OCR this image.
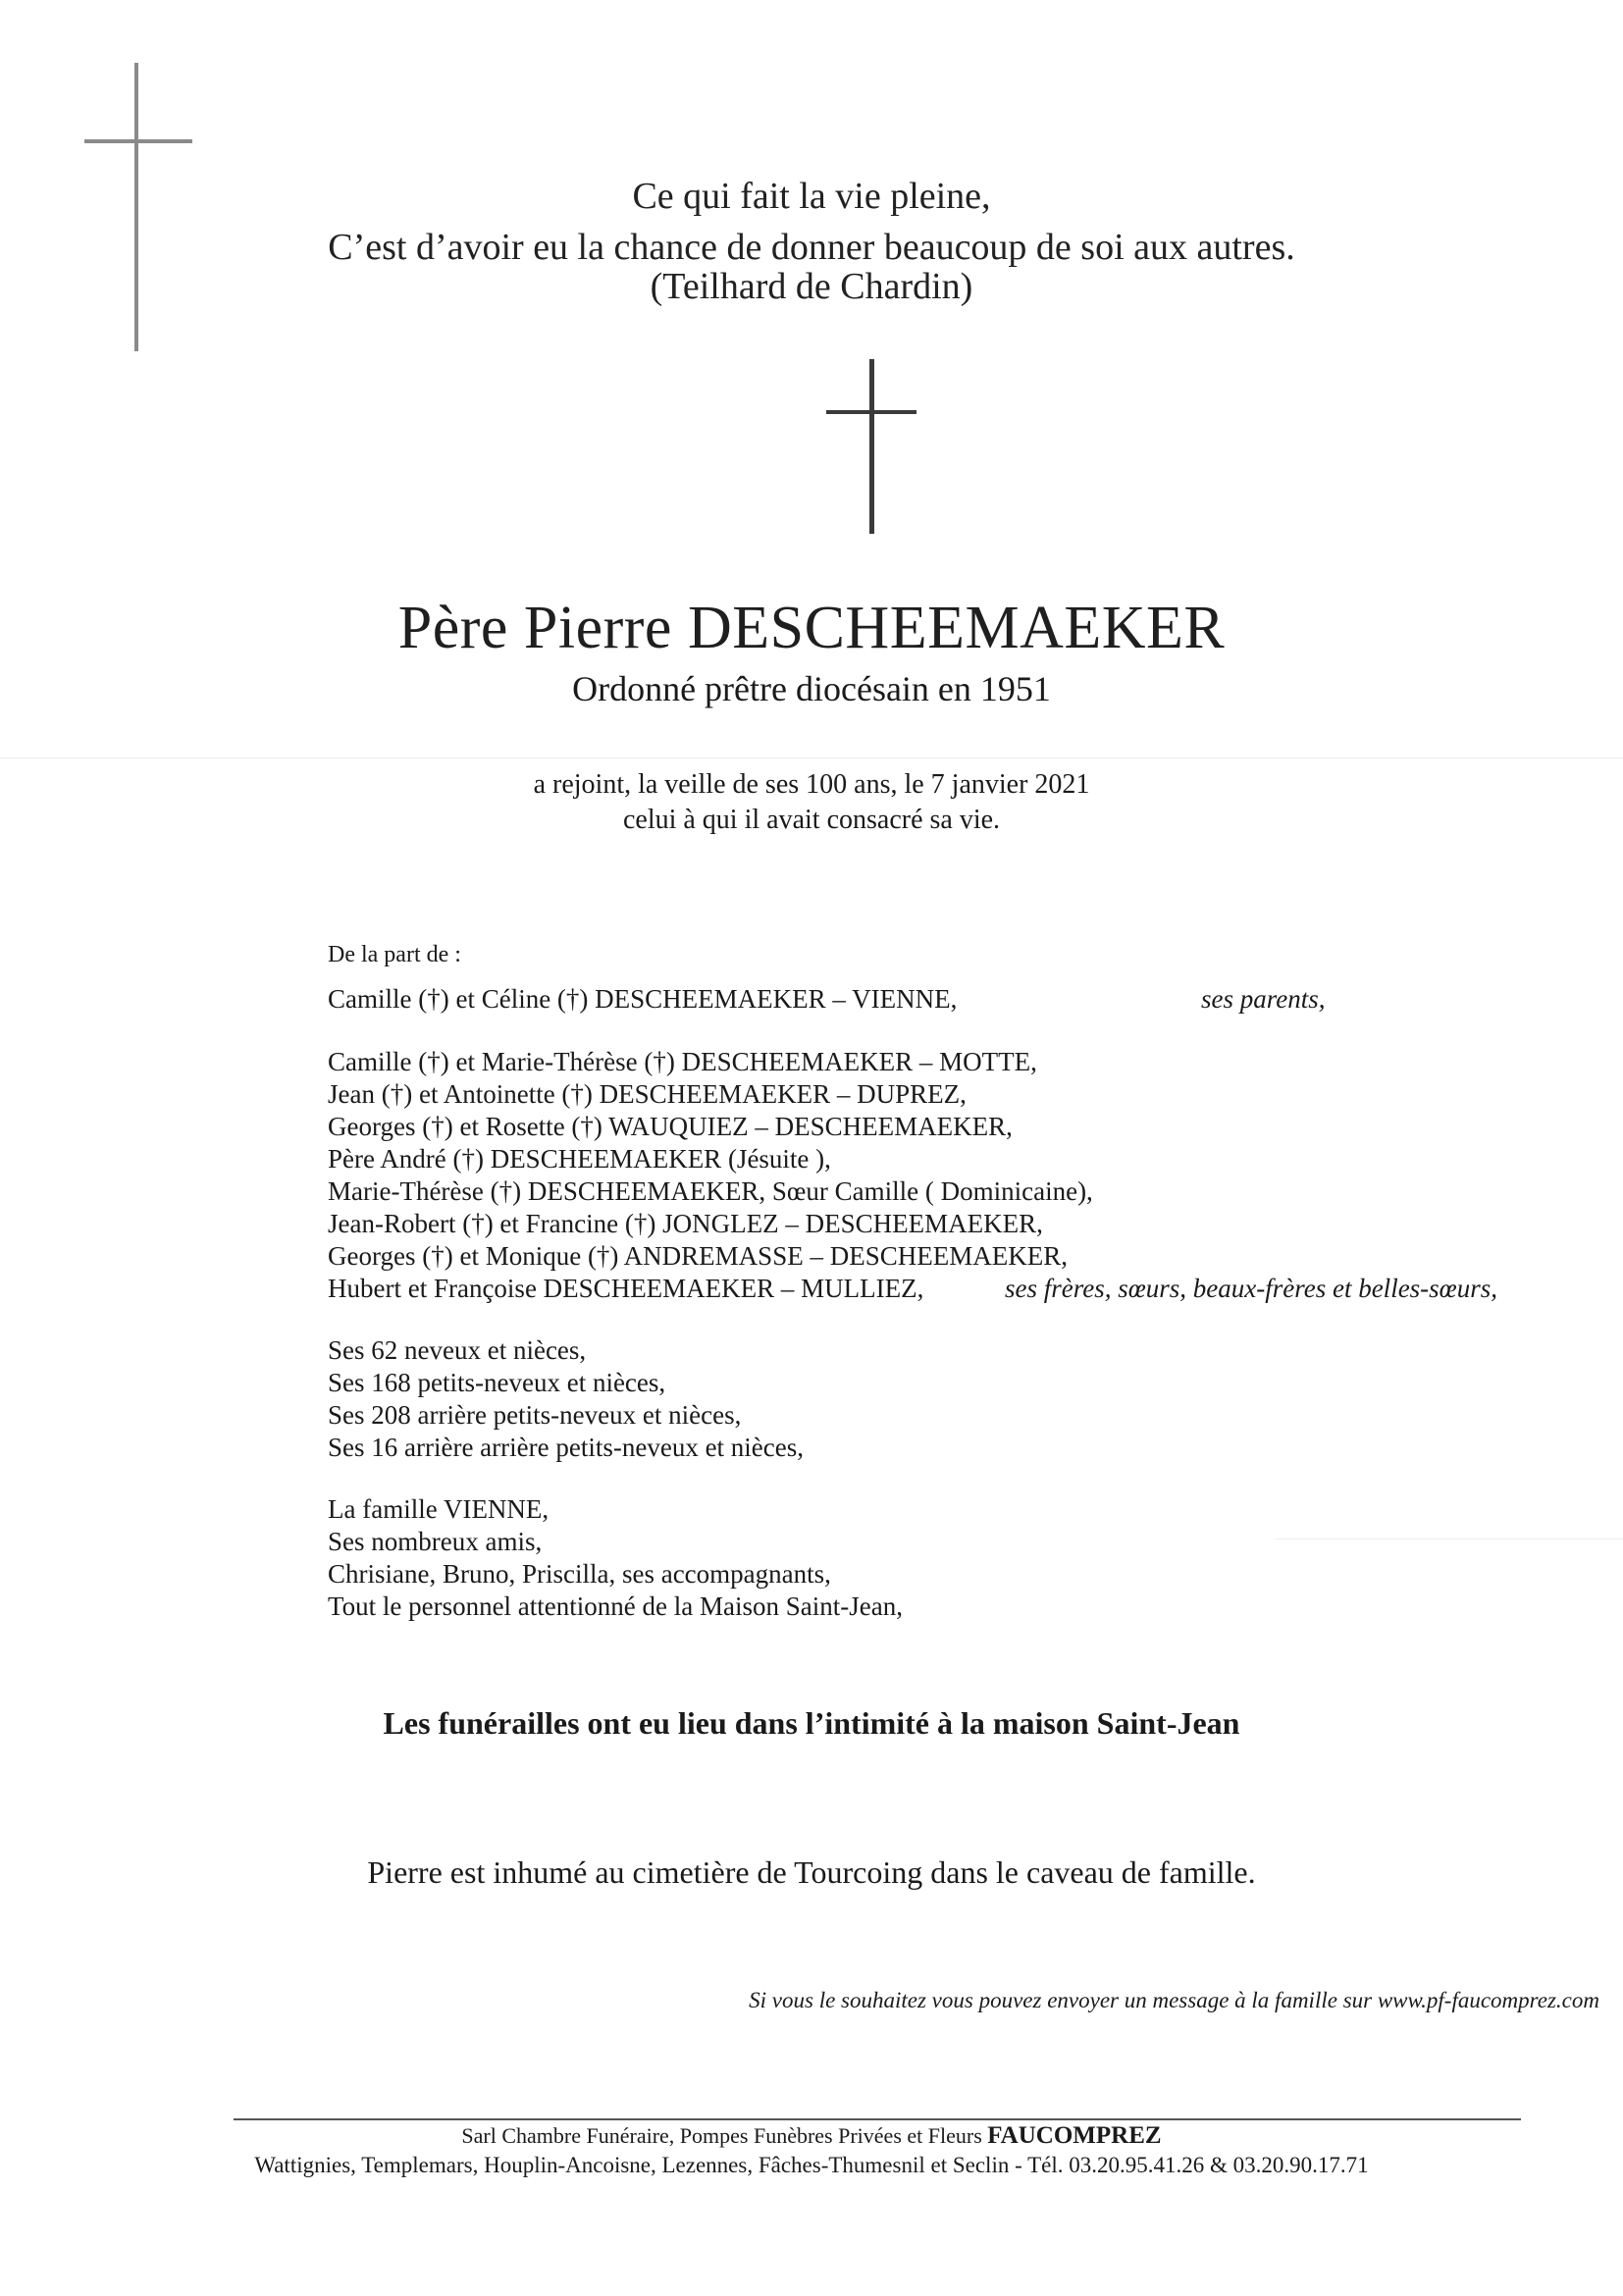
Ce qui fait la vie pleine,
C’est d’avoir eu la chance de donner beaucoup de soi aux autres.
(Teilhard de Chardin)
Père Pierre DESCHEEMAEKER
Ordonné prêtre diocésain en 1951
a rejoint, la veille de ses 100 ans, le 7 janvier 2021
celui à qui il avait consacré sa vie.
De la part de :
Camille (†) et Céline (†) DESCHEEMAEKER – VIENNE,	ses parents,
Camille (†) et Marie-Thérèse (†) DESCHEEMAEKER – MOTTE,
Jean (†) et Antoinette (†) DESCHEEMAEKER – DUPREZ,
Georges (†) et Rosette (†) WAUQUIEZ – DESCHEEMAEKER,
Père André (†) DESCHEEMAEKER (Jésuite ),
Marie-Thérèse (†) DESCHEEMAEKER, Sœur Camille ( Dominicaine),
Jean-Robert (†) et Francine (†) JONGLEZ – DESCHEEMAEKER,
Georges (†) et Monique (†) ANDREMASSE – DESCHEEMAEKER,
Hubert et Françoise DESCHEEMAEKER – MULLIEZ,	ses frères, sœurs, beaux-frères et belles-sœurs,
Ses 62 neveux et nièces,
Ses 168 petits-neveux et nièces,
Ses 208 arrière petits-neveux et nièces,
Ses 16 arrière arrière petits-neveux et nièces,
La famille VIENNE,
Ses nombreux amis,
Chrisiane, Bruno, Priscilla, ses accompagnants,
Tout le personnel attentionné de la Maison Saint-Jean,
Les funérailles ont eu lieu dans l’intimité à la maison Saint-Jean
Pierre est inhumé au cimetière de Tourcoing dans le caveau de famille.
Si vous le souhaitez vous pouvez envoyer un message à la famille sur www.pf-faucomprez.com
Sarl Chambre Funéraire, Pompes Funèbres Privées et Fleurs FAUCOMPREZ
Wattignies, Templemars, Houplin-Ancoisne, Lezennes, Fâches-Thumesnil et Seclin - Tél. 03.20.95.41.26 & 03.20.90.17.71
